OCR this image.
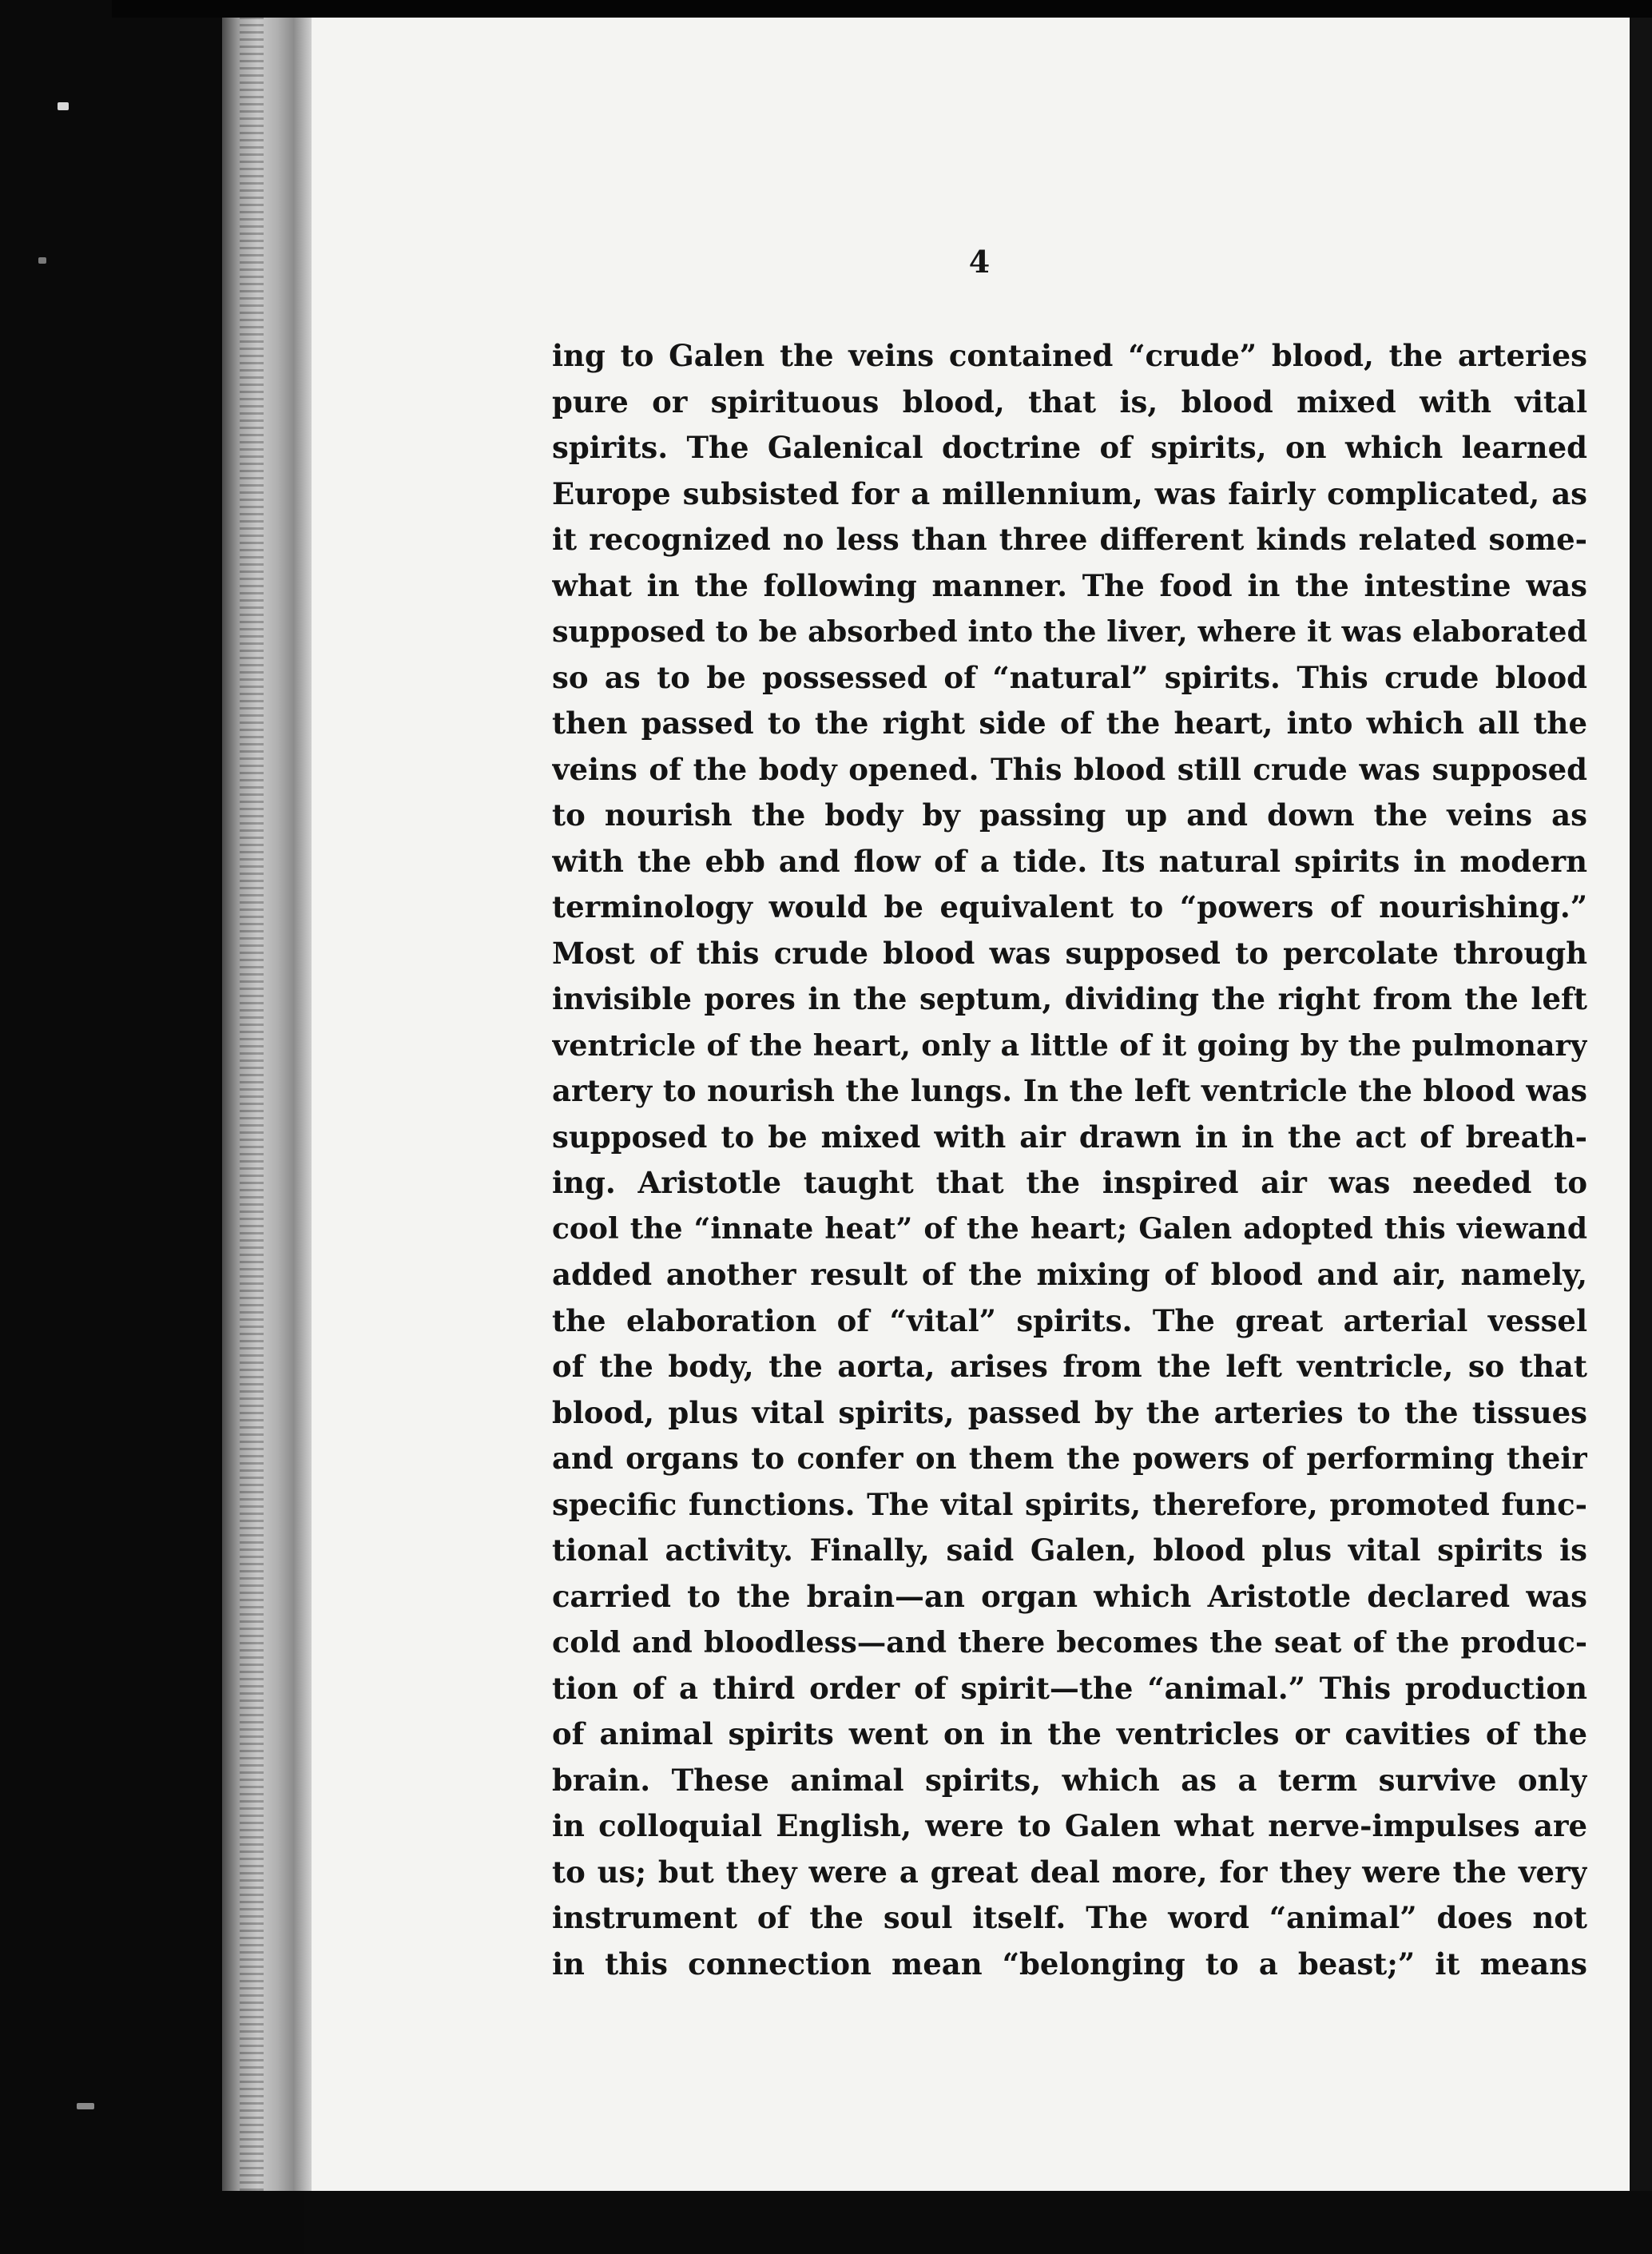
4
ing to Galen the veins contained “crude” blood, the arteries
pure or spirituous blood, that is, blood mixed with vital
spirits. The Galenical doctrine of spirits, on which learned
Europe subsisted for a millennium, was fairly complicated, as
it recognized no less than three different kinds related some-
what in the following manner. The food in the intestine was
supposed to be absorbed into the liver, where it was elaborated
so as to be possessed of “natural” spirits. This crude blood
then passed to the right side of the heart, into which all the
veins of the body opened. This blood still crude was supposed
to nourish the body by passing up and down the veins as
with the ebb and flow of a tide. Its natural spirits in modern
terminology would be equivalent to “powers of nourishing.”
Most of this crude blood was supposed to percolate through
invisible pores in the septum, dividing the right from the left
ventricle of the heart, only a little of it going by the pulmonary
artery to nourish the lungs. In the left ventricle the blood was
supposed to be mixed with air drawn in in the act of breath-
ing. Aristotle taught that the inspired air was needed to
cool the “innate heat” of the heart; Galen adopted this viewand
added another result of the mixing of blood and air, namely,
the elaboration of “vital” spirits. The great arterial vessel
of the body, the aorta, arises from the left ventricle, so that
blood, plus vital spirits, passed by the arteries to the tissues
and organs to confer on them the powers of performing their
specific functions. The vital spirits, therefore, promoted func-
tional activity. Finally, said Galen, blood plus vital spirits is
carried to the brain—an organ which Aristotle declared was
cold and bloodless—and there becomes the seat of the produc-
tion of a third order of spirit—the “animal.” This production
of animal spirits went on in the ventricles or cavities of the
brain. These animal spirits, which as a term survive only
in colloquial English, were to Galen what nerve-impulses are
to us; but they were a great deal more, for they were the very
instrument of the soul itself. The word “animal” does not
in this connection mean “belonging to a beast;” it means
